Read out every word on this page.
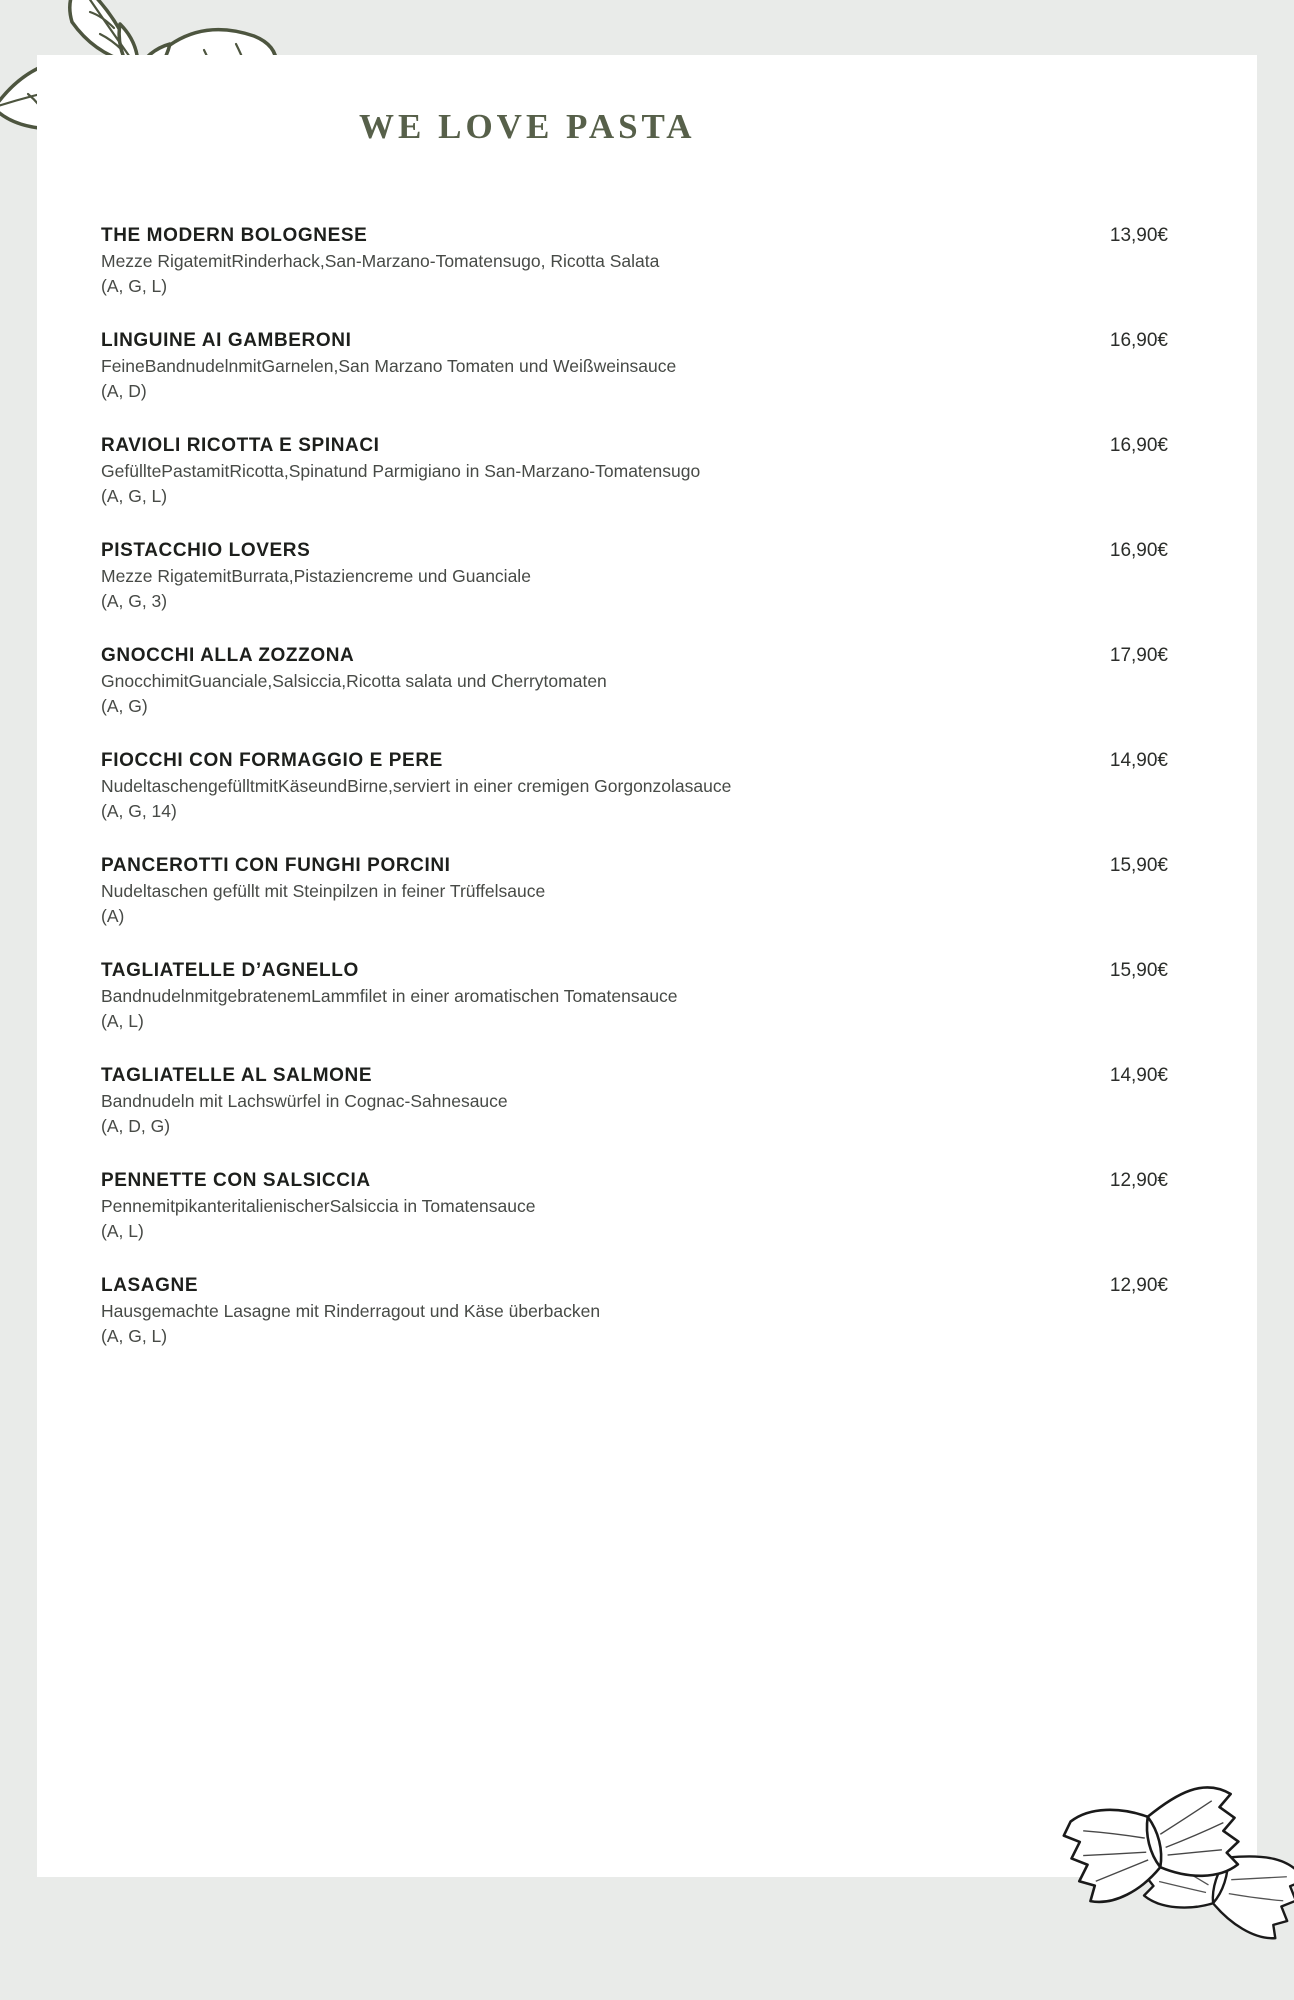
WE LOVE PASTA
THE MODERN BOLOGNESE	13,90€
Mezze RigatemitRinderhack,San-Marzano-Tomatensugo, Ricotta Salata
(A, G, L)
LINGUINE AI GAMBERONI	16,90€
FeineBandnudelnmitGarnelen,San Marzano Tomaten und Weißweinsauce
(A, D)
RAVIOLI RICOTTA E SPINACI	16,90€
GefülltePastamitRicotta,Spinatund Parmigiano in San-Marzano-Tomatensugo
(A, G, L)
PISTACCHIO LOVERS	16,90€
Mezze RigatemitBurrata,Pistaziencreme und Guanciale
(A, G, 3)
GNOCCHI ALLA ZOZZONA	17,90€
GnocchimitGuanciale,Salsiccia,Ricotta salata und Cherrytomaten
(A, G)
FIOCCHI CON FORMAGGIO E PERE	14,90€
NudeltaschengefülltmitKäseundBirne,serviert in einer cremigen Gorgonzolasauce
(A, G, 14)
PANCEROTTI CON FUNGHI PORCINI	15,90€
Nudeltaschen gefüllt mit Steinpilzen in feiner Trüffelsauce
(A)
TAGLIATELLE D’AGNELLO	15,90€
BandnudelnmitgebratenemLammfilet in einer aromatischen Tomatensauce
(A, L)
TAGLIATELLE AL SALMONE	14,90€
Bandnudeln mit Lachswürfel in Cognac-Sahnesauce
(A, D, G)
PENNETTE CON SALSICCIA	12,90€
PennemitpikanteritalienischerSalsiccia in Tomatensauce
(A, L)
LASAGNE	12,90€
Hausgemachte Lasagne mit Rinderragout und Käse überbacken
(A, G, L)
